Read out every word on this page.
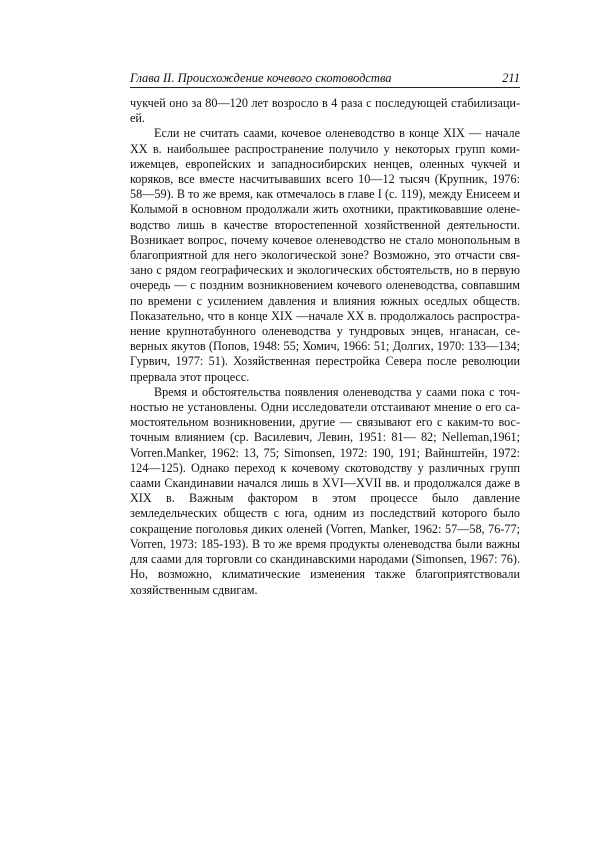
Глава II. Происхождение кочевого скотоводства	211

чукчей оно за 80—120 лет возросло в 4 раза с последующей стабилизацией.

Если не считать саами, кочевое оленеводство в конце XIX — начале XX в. наибольшее распространение получило у некоторых групп коми-ижемцев, европейских и западносибирских ненцев, оленных чукчей и коряков, все вместе насчитывавших всего 10—12 тысяч (Крупник, 1976: 58—59). В то же время, как отмечалось в главе I (с. 119), между Енисеем и Колымой в основном продолжали жить охотники, практиковавшие оленеводство лишь в качестве второстепенной хозяйственной деятельности. Возникает вопрос, почему кочевое оленеводство не стало монопольным в благоприятной для него экологической зоне? Возможно, это отчасти связано с рядом географических и экологических обстоятельств, но в первую очередь — с поздним возникновением кочевого оленеводства, совпавшим по времени с усилением давления и влияния южных оседлых обществ. Показательно, что в конце XIX —начале XX в. продолжалось распространение крупнотабунного оленеводства у тундровых энцев, нганасан, северных якутов (Попов, 1948: 55; Хомич, 1966: 51; Долгих, 1970: 133—134; Гурвич, 1977: 51). Хозяйственная перестройка Севера после революции прервала этот процесс.

Время и обстоятельства появления оленеводства у саами пока с точностью не установлены. Одни исследователи отстаивают мнение о его самостоятельном возникновении, другие — связывают его с каким-то восточным влиянием (ср. Василевич, Левин, 1951: 81— 82; Nelleman,1961; Vorren.Manker, 1962: 13, 75; Simonsen, 1972: 190, 191; Вайнштейн, 1972: 124—125). Однако переход к кочевому скотоводству у различных групп саами Скандинавии начался лишь в XVI—XVII вв. и продолжался даже в XIX в. Важным фактором в этом процессе было давление земледельческих обществ с юга, одним из последствий которого было сокращение поголовья диких оленей (Vorren, Manker, 1962: 57—58, 76-77; Vorren, 1973: 185-193). В то же время продукты оленеводства были важны для саами для торговли со скандинавскими народами (Simonsen, 1967: 76). Но, возможно, климатические изменения также благоприятствовали хозяйственным сдвигам.
